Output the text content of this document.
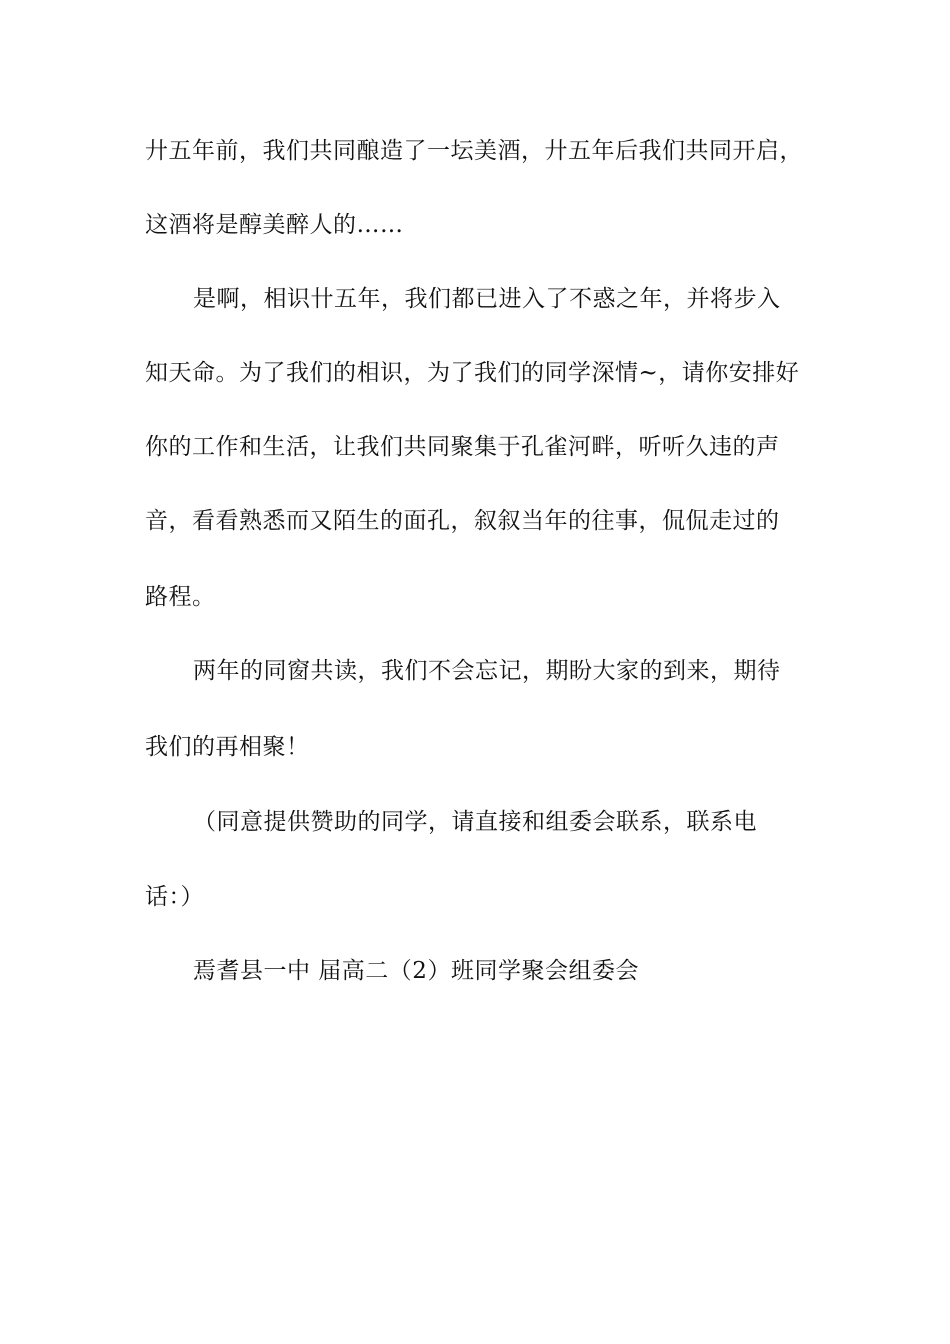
廾五年前，我们共同酿造了一坛美酒，廾五年后我们共同开启，
这酒将是醇美醉人的……
是啊，相识卄五年，我们都已进入了不惑之年，并将步入
知天命。为了我们的相识，为了我们的同学深情~，请你安排好
你的工作和生活，让我们共同聚集于孔雀河畔，听听久违的声
音，看看熟悉而又陌生的面孔，叙叙当年的往事，侃侃走过的
路程。
两年的同窗共读，我们不会忘记，期盼大家的到来，期待
我们的再相聚！
（同意提供赞助的同学，请直接和组委会联系，联系电
话：）
焉耆县一中 届高二（2）班同学聚会组委会
